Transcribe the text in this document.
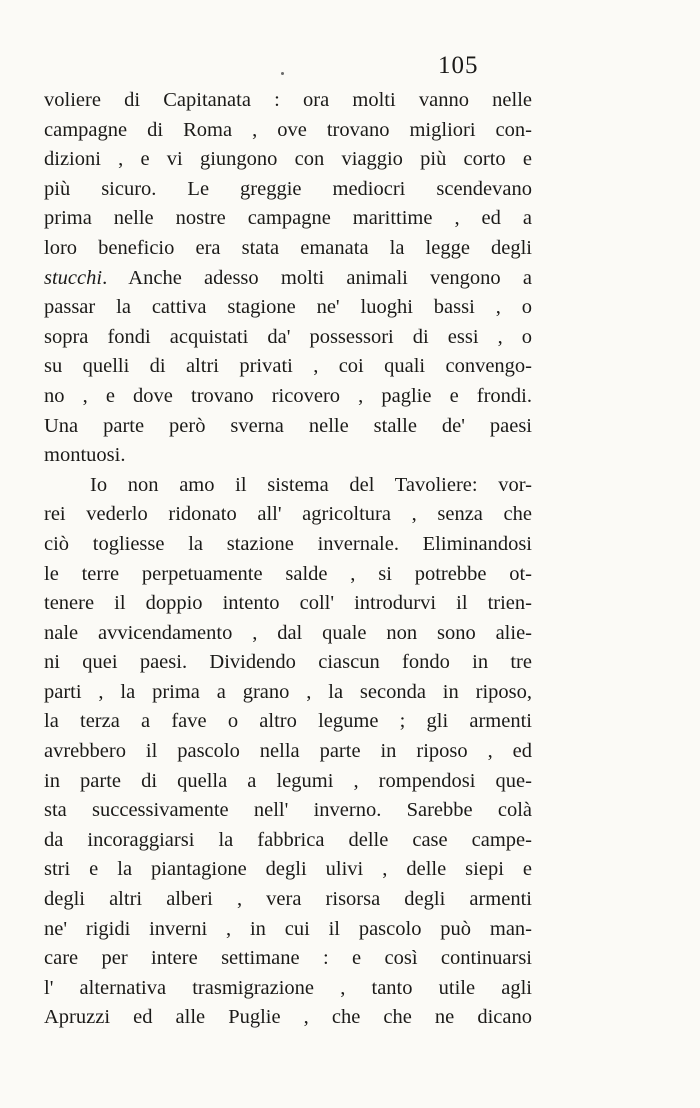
105
voliere di Capitanata : ora molti vanno nelle
campagne di Roma , ove trovano migliori con-
dizioni , e vi giungono con viaggio più corto e
più sicuro. Le greggie mediocri scendevano
prima nelle nostre campagne marittime , ed a
loro beneficio era stata emanata la legge degli
stucchi. Anche adesso molti animali vengono a
passar la cattiva stagione ne' luoghi bassi , o
sopra fondi acquistati da' possessori di essi , o
su quelli di altri privati , coi quali convengo-
no , e dove trovano ricovero , paglie e frondi.
Una parte però sverna nelle stalle de' paesi
montuosi.
Io non amo il sistema del Tavoliere: vor-
rei vederlo ridonato all' agricoltura , senza che
ciò togliesse la stazione invernale. Eliminandosi
le terre perpetuamente salde , si potrebbe ot-
tenere il doppio intento coll' introdurvi il trien-
nale avvicendamento , dal quale non sono alie-
ni quei paesi. Dividendo ciascun fondo in tre
parti , la prima a grano , la seconda in riposo,
la terza a fave o altro legume ; gli armenti
avrebbero il pascolo nella parte in riposo , ed
in parte di quella a legumi , rompendosi que-
sta successivamente nell' inverno. Sarebbe colà
da incoraggiarsi la fabbrica delle case campe-
stri e la piantagione degli ulivi , delle siepi e
degli altri alberi , vera risorsa degli armenti
ne' rigidi inverni , in cui il pascolo può man-
care per intere settimane : e così continuarsi
l' alternativa trasmigrazione , tanto utile agli
Apruzzi ed alle Puglie , che che ne dicano
